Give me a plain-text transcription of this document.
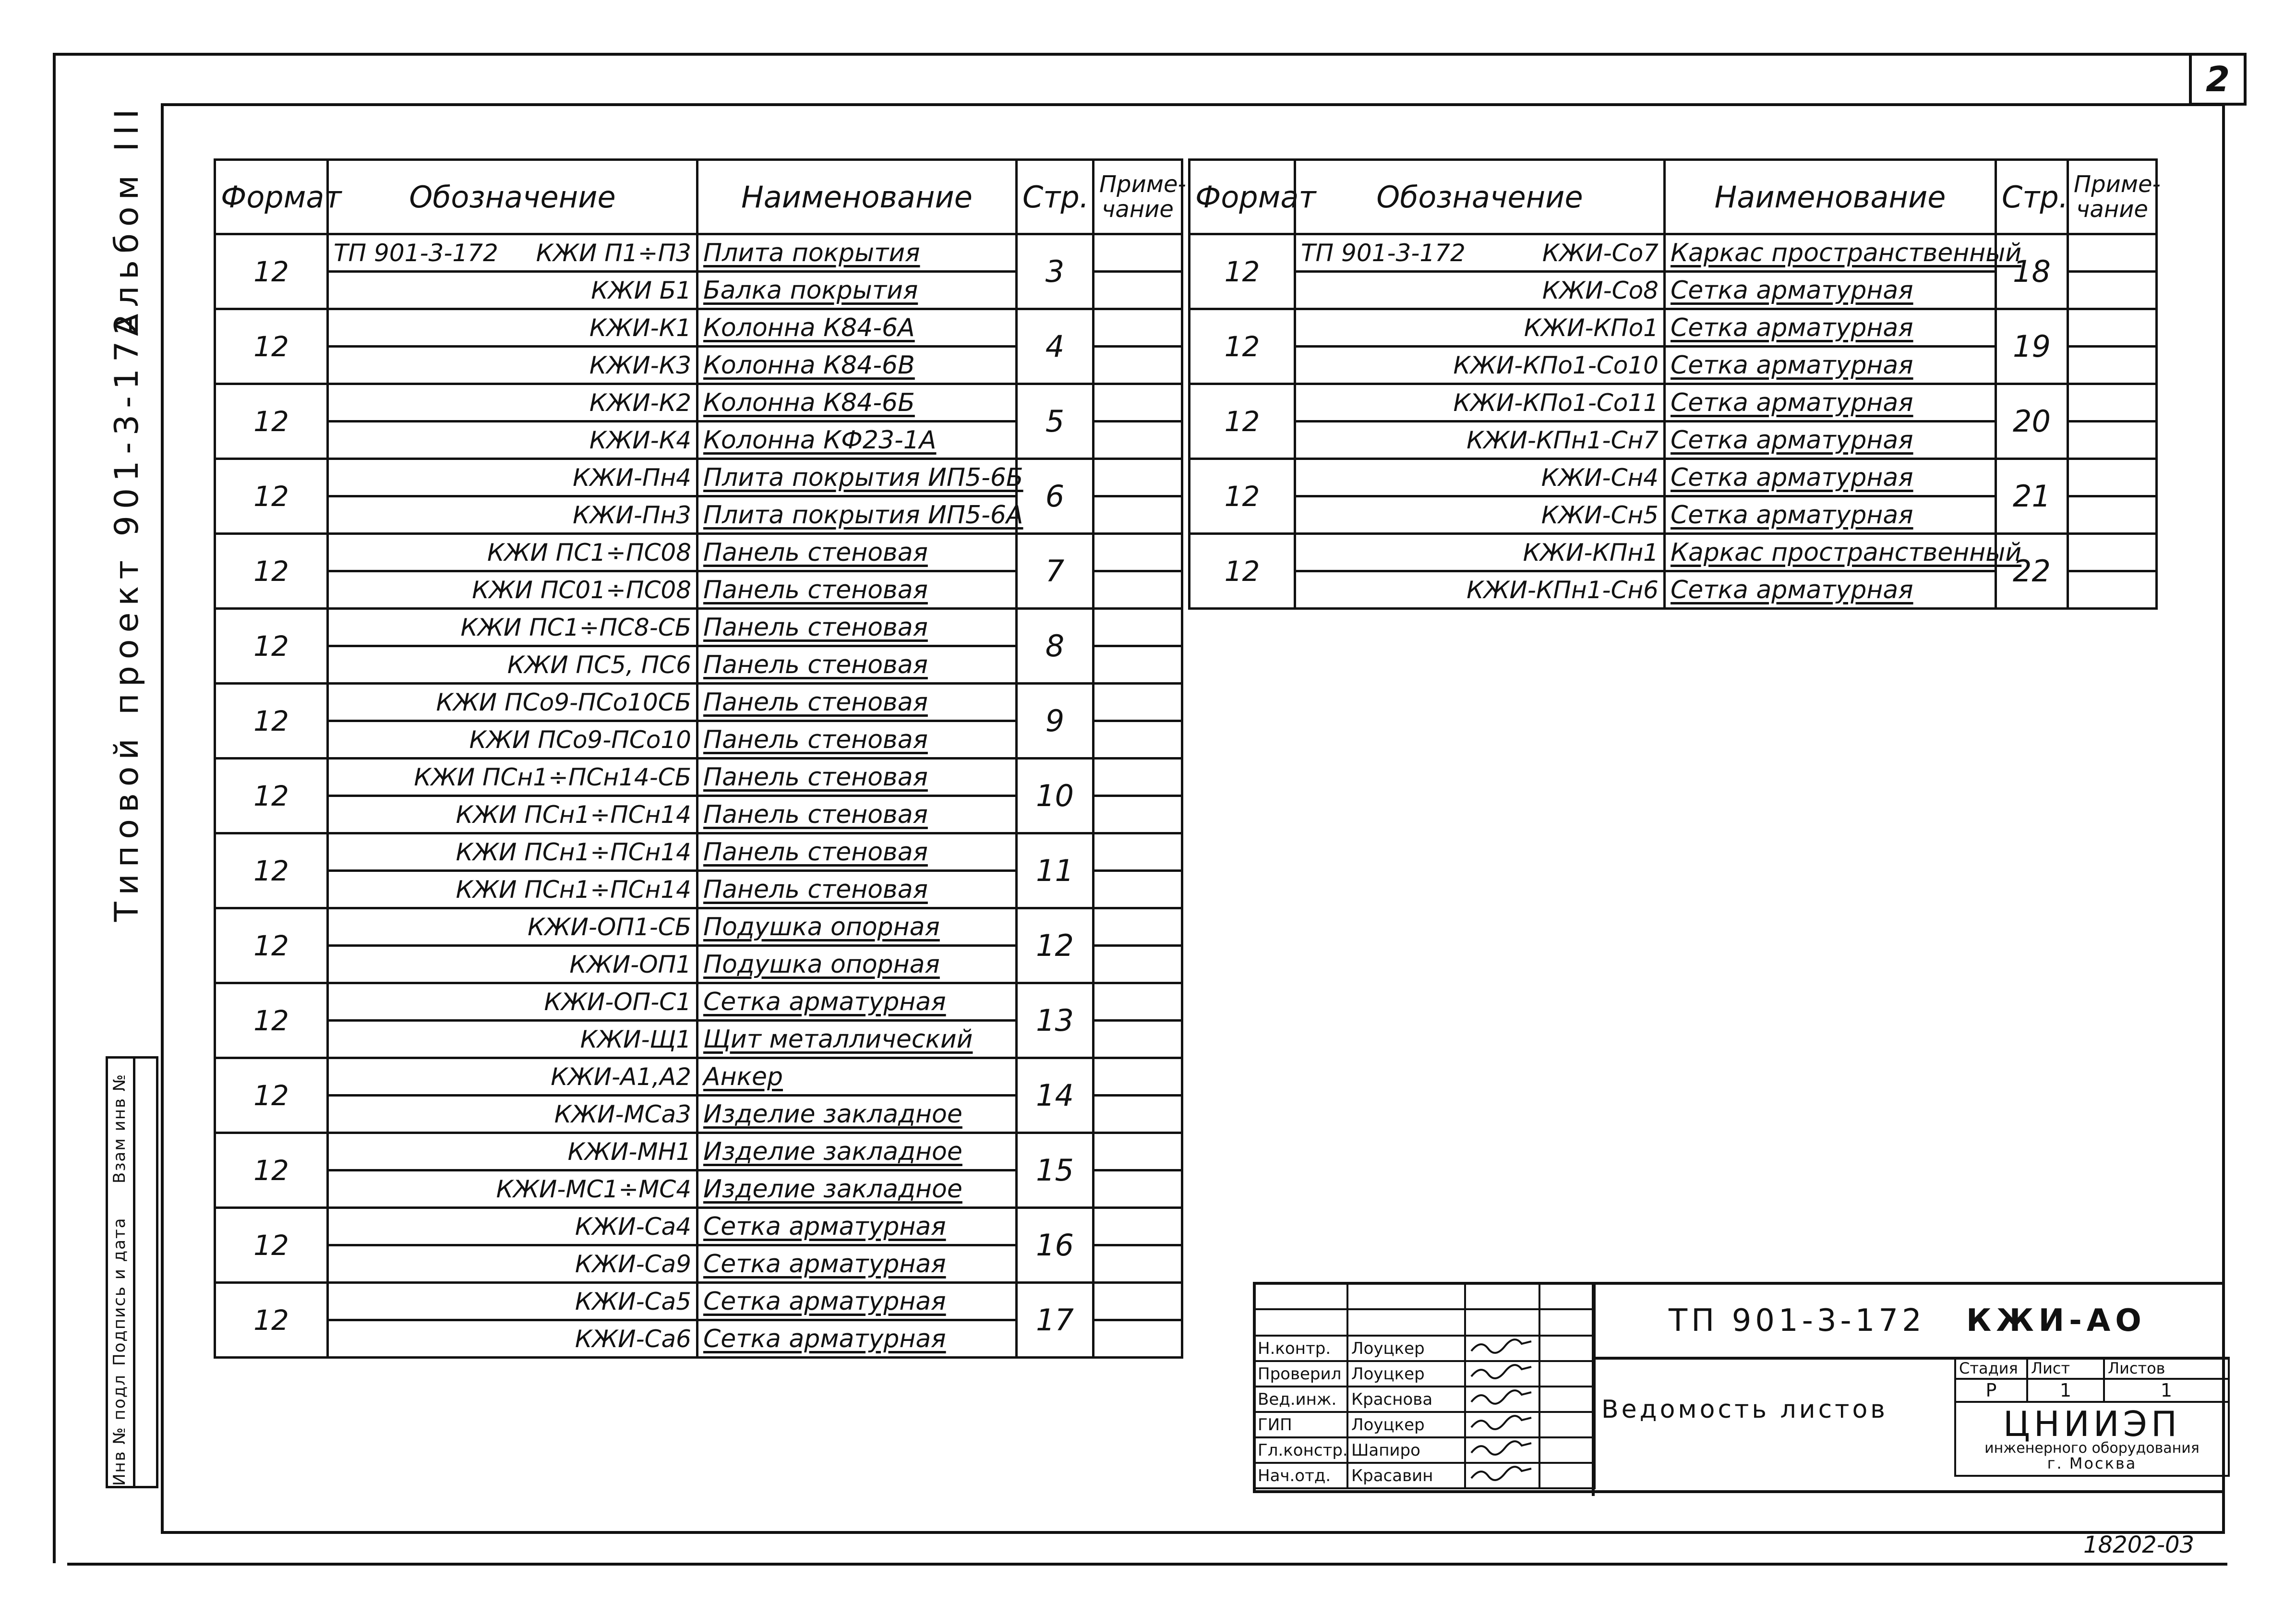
2
Альбом III
Типовой проект 901-3-172
Инв № подл
Подпись и дата
Взам инв №
Формат	Обозначение	Наименование	Стр.	Приме-чание
12	ТП 901-3-172 КЖИ П1÷П3	Плита покрытия	3	
	КЖИ Б1	Балка покрытия		
12	КЖИ-К1	Колонна К84-6А	4	
	КЖИ-К3	Колонна К84-6В		
12	КЖИ-К2	Колонна К84-6Б	5	
	КЖИ-К4	Колонна КФ23-1А		
12	КЖИ-Пн4	Плита покрытия ИП5-6Б	6	
	КЖИ-Пн3	Плита покрытия ИП5-6А		
12	КЖИ ПС1÷ПС08	Панель стеновая	7	
	КЖИ ПС01÷ПС08	Панель стеновая		
12	КЖИ ПС1÷ПС8-СБ	Панель стеновая	8	
	КЖИ ПС5, ПС6	Панель стеновая		
12	КЖИ ПСо9-ПСо10СБ	Панель стеновая	9	
	КЖИ ПСо9-ПСо10	Панель стеновая		
12	КЖИ ПСн1÷ПСн14-СБ	Панель стеновая	10	
	КЖИ ПСн1÷ПСн14	Панель стеновая		
12	КЖИ ПСн1÷ПСн14	Панель стеновая	11	
	КЖИ ПСн1÷ПСн14	Панель стеновая		
12	КЖИ-ОП1-СБ	Подушка опорная	12	
	КЖИ-ОП1	Подушка опорная		
12	КЖИ-ОП-С1	Сетка арматурная	13	
	КЖИ-Щ1	Щит металлический		
12	КЖИ-А1,А2	Анкер	14	
	КЖИ-МСа3	Изделие закладное		
12	КЖИ-МН1	Изделие закладное	15	
	КЖИ-МС1÷МС4	Изделие закладное		
12	КЖИ-Са4	Сетка арматурная	16	
	КЖИ-Са9	Сетка арматурная		
12	КЖИ-Са5	Сетка арматурная	17	
	КЖИ-Са6	Сетка арматурная		
Формат	Обозначение	Наименование	Стр.	Приме-чание
12	ТП 901-3-172 КЖИ-Со7	Каркас пространственный	18	
	КЖИ-Со8	Сетка арматурная		
12	КЖИ-КПо1	Сетка арматурная	19	
	КЖИ-КПо1-Со10	Сетка арматурная		
12	КЖИ-КПо1-Со11	Сетка арматурная	20	
	КЖИ-КПн1-Сн7	Сетка арматурная		
12	КЖИ-Сн4	Сетка арматурная	21	
	КЖИ-Сн5	Сетка арматурная		
12	КЖИ-КПн1	Каркас пространственный	22	
	КЖИ-КПн1-Сн6	Сетка арматурная		

Н.контр.	Лоуцкер		
Проверил	Лоуцкер		
Вед.инж.	Краснова		
ГИП	Лоуцкер		
Гл.констр.	Шапиро		
Нач.отд.	Красавин		
ТП 901-3-172 КЖИ-АО
Ведомость листов
Стадия	Лист	Листов
Р	1	1

ЦНИИЭП
инженерного оборудования
г. Москва		
18202-03
